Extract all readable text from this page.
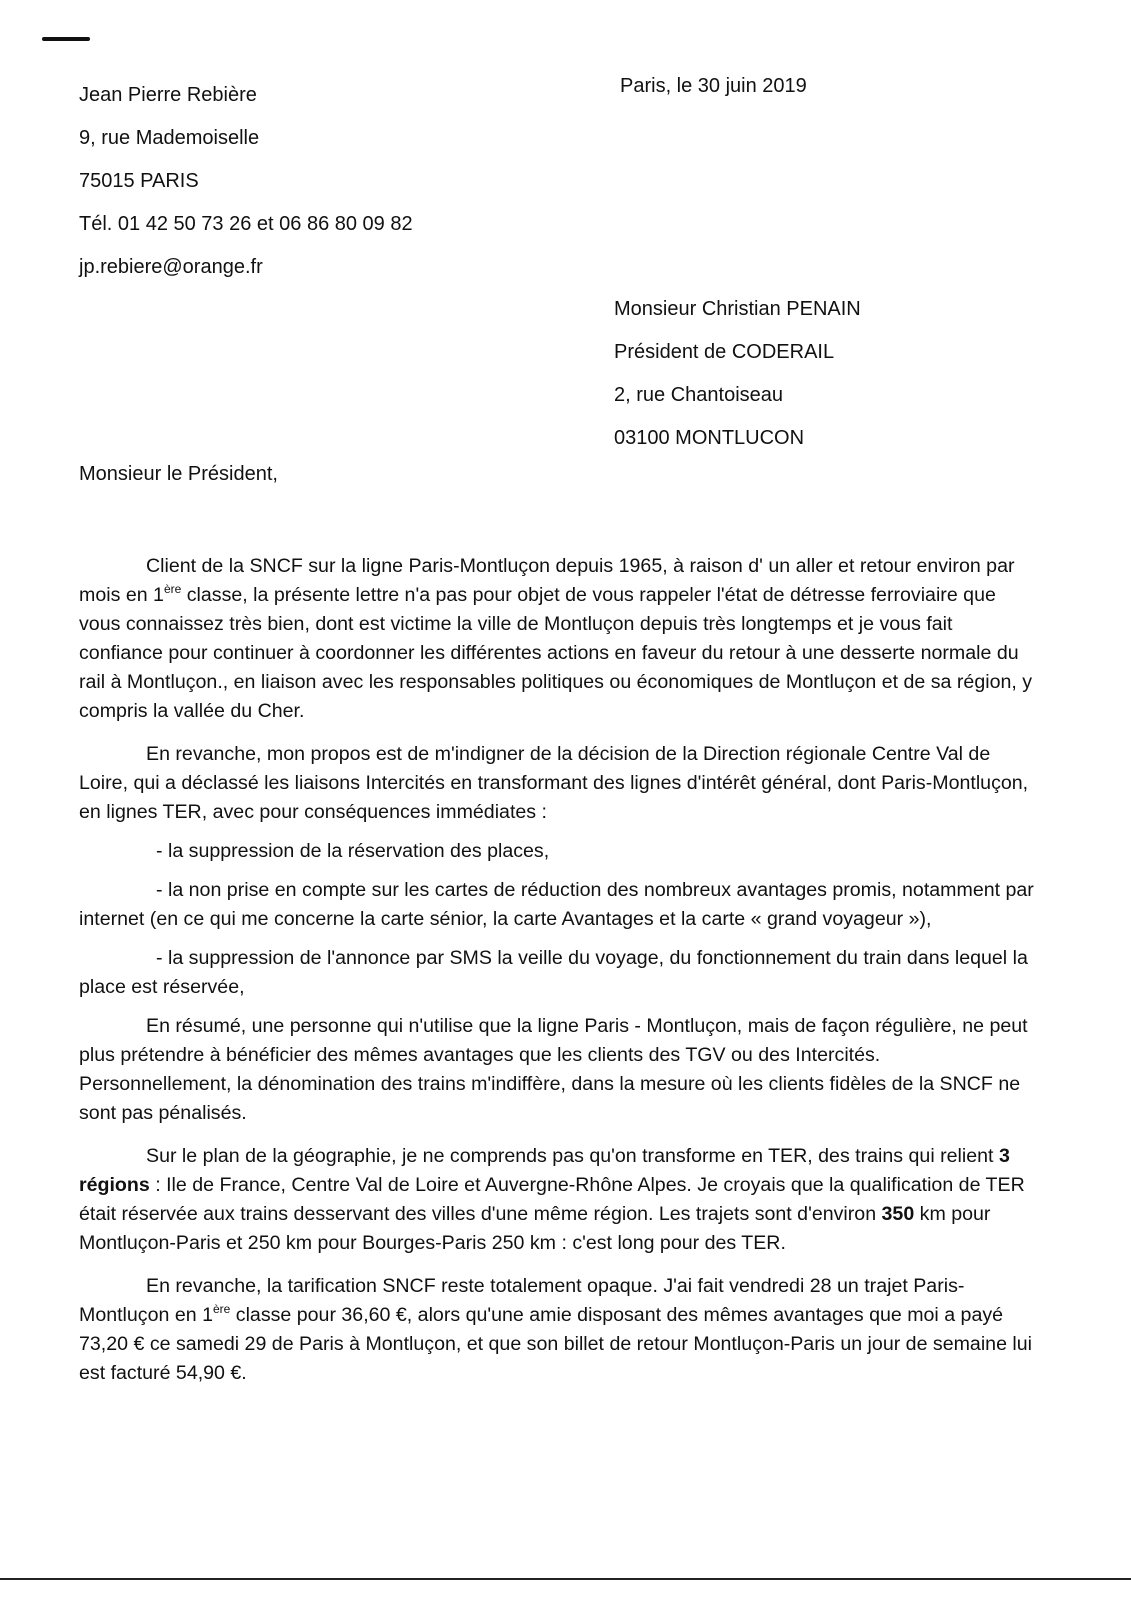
Jean Pierre Rebière
9, rue Mademoiselle
75015 PARIS
Tél. 01 42 50 73 26 et 06 86 80 09 82
jp.rebiere@orange.fr
Paris, le 30 juin 2019
Monsieur Christian PENAIN
Président de CODERAIL
2, rue Chantoiseau
03100 MONTLUCON
Monsieur le Président,

Client de la SNCF sur la ligne Paris-Montluçon depuis 1965, à raison d' un aller et retour environ par mois en 1ère classe, la présente lettre n'a pas pour objet de vous rappeler l'état de détresse ferroviaire que vous connaissez très bien, dont est victime la ville de Montluçon depuis très longtemps et je vous fait confiance pour continuer à coordonner les différentes actions en faveur du retour à une desserte normale du rail à Montluçon., en liaison avec les responsables politiques ou économiques de Montluçon et de sa région, y compris la vallée du Cher.

En revanche, mon propos est de m'indigner de la décision de la Direction régionale Centre Val de Loire, qui a déclassé les liaisons Intercités en transformant des lignes d'intérêt général, dont Paris-Montluçon, en lignes TER, avec pour conséquences immédiates :

- la suppression de la réservation des places,

- la non prise en compte sur les cartes de réduction des nombreux avantages promis, notamment par internet (en ce qui me concerne la carte sénior, la carte Avantages et la carte « grand voyageur »),

- la suppression de l'annonce par SMS la veille du voyage, du fonctionnement du train dans lequel la place est réservée,

En résumé, une personne qui n'utilise que la ligne Paris - Montluçon, mais de façon régulière, ne peut plus prétendre à bénéficier des mêmes avantages que les clients des TGV ou des Intercités.

Personnellement, la dénomination des trains m'indiffère, dans la mesure où les clients fidèles de la SNCF ne sont pas pénalisés.

Sur le plan de la géographie, je ne comprends pas qu'on transforme en TER, des trains qui relient 3 régions : Ile de France, Centre Val de Loire et Auvergne-Rhône Alpes. Je croyais que la qualification de TER était réservée aux trains desservant des villes d'une même région. Les trajets sont d'environ 350 km pour Montluçon-Paris et 250 km pour Bourges-Paris 250 km : c'est long pour des TER.

En revanche, la tarification SNCF reste totalement opaque. J'ai fait vendredi 28 un trajet Paris-Montluçon en 1ère classe pour 36,60 €, alors qu'une amie disposant des mêmes avantages que moi a payé 73,20 € ce samedi 29 de Paris à Montluçon, et que son billet de retour Montluçon-Paris un jour de semaine lui est facturé 54,90 €.
